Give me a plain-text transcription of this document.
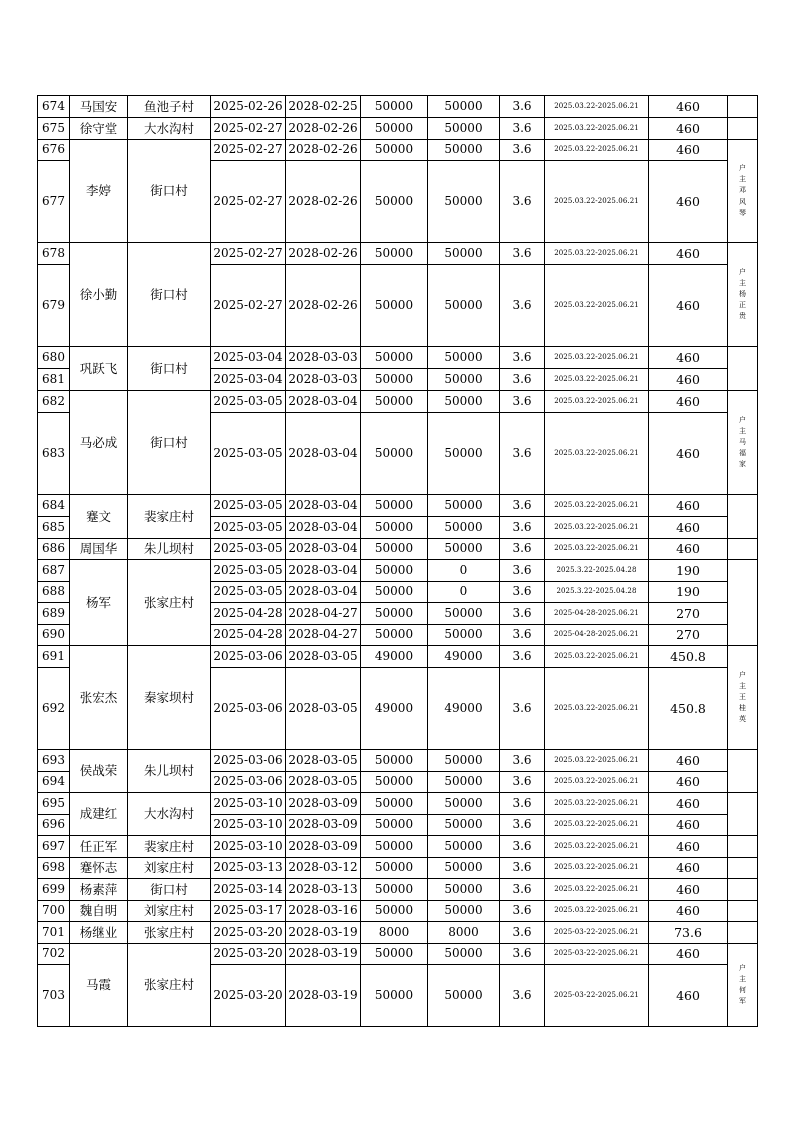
674	马国安	鱼池子村	2025-02-26	2028-02-25	50000	50000	3.6	2025.03.22-2025.06.21	460	
675	徐守堂	大水沟村	2025-02-27	2028-02-26	50000	50000	3.6	2025.03.22-2025.06.21	460	
676	李婷	街口村	2025-02-27	2028-02-26	50000	50000	3.6	2025.03.22-2025.06.21	460	户主邓风琴
677			2025-02-27	2028-02-26	50000	50000	3.6	2025.03.22-2025.06.21	460	
678	徐小勤	街口村	2025-02-27	2028-02-26	50000	50000	3.6	2025.03.22-2025.06.21	460	户主杨正贵
679			2025-02-27	2028-02-26	50000	50000	3.6	2025.03.22-2025.06.21	460	
680	巩跃飞	街口村	2025-03-04	2028-03-03	50000	50000	3.6	2025.03.22-2025.06.21	460	
681			2025-03-04	2028-03-03	50000	50000	3.6	2025.03.22-2025.06.21	460	
682	马必成	街口村	2025-03-05	2028-03-04	50000	50000	3.6	2025.03.22-2025.06.21	460	户主马福家
683			2025-03-05	2028-03-04	50000	50000	3.6	2025.03.22-2025.06.21	460	
684	蹇文	裴家庄村	2025-03-05	2028-03-04	50000	50000	3.6	2025.03.22-2025.06.21	460	
685			2025-03-05	2028-03-04	50000	50000	3.6	2025.03.22-2025.06.21	460	
686	周国华	朱儿坝村	2025-03-05	2028-03-04	50000	50000	3.6	2025.03.22-2025.06.21	460	
687	杨军	张家庄村	2025-03-05	2028-03-04	50000	0	3.6	2025.3.22-2025.04.28	190	
688			2025-03-05	2028-03-04	50000	0	3.6	2025.3.22-2025.04.28	190	
689			2025-04-28	2028-04-27	50000	50000	3.6	2025-04-28-2025.06.21	270	
690			2025-04-28	2028-04-27	50000	50000	3.6	2025-04-28-2025.06.21	270	
691	张宏杰	秦家坝村	2025-03-06	2028-03-05	49000	49000	3.6	2025.03.22-2025.06.21	450.8	户主王桂英
692			2025-03-06	2028-03-05	49000	49000	3.6	2025.03.22-2025.06.21	450.8	
693	侯战荣	朱儿坝村	2025-03-06	2028-03-05	50000	50000	3.6	2025.03.22-2025.06.21	460	
694			2025-03-06	2028-03-05	50000	50000	3.6	2025.03.22-2025.06.21	460	
695	成建红	大水沟村	2025-03-10	2028-03-09	50000	50000	3.6	2025.03.22-2025.06.21	460	
696			2025-03-10	2028-03-09	50000	50000	3.6	2025.03.22-2025.06.21	460	
697	任正军	裴家庄村	2025-03-10	2028-03-09	50000	50000	3.6	2025.03.22-2025.06.21	460	
698	蹇怀志	刘家庄村	2025-03-13	2028-03-12	50000	50000	3.6	2025.03.22-2025.06.21	460	
699	杨素萍	街口村	2025-03-14	2028-03-13	50000	50000	3.6	2025.03.22-2025.06.21	460	
700	魏自明	刘家庄村	2025-03-17	2028-03-16	50000	50000	3.6	2025.03.22-2025.06.21	460	
701	杨继业	张家庄村	2025-03-20	2028-03-19	8000	8000	3.6	2025-03-22-2025.06.21	73.6	
702	马霞	张家庄村	2025-03-20	2028-03-19	50000	50000	3.6	2025-03-22-2025.06.21	460	户主何军
703			2025-03-20	2028-03-19	50000	50000	3.6	2025-03-22-2025.06.21	460	
